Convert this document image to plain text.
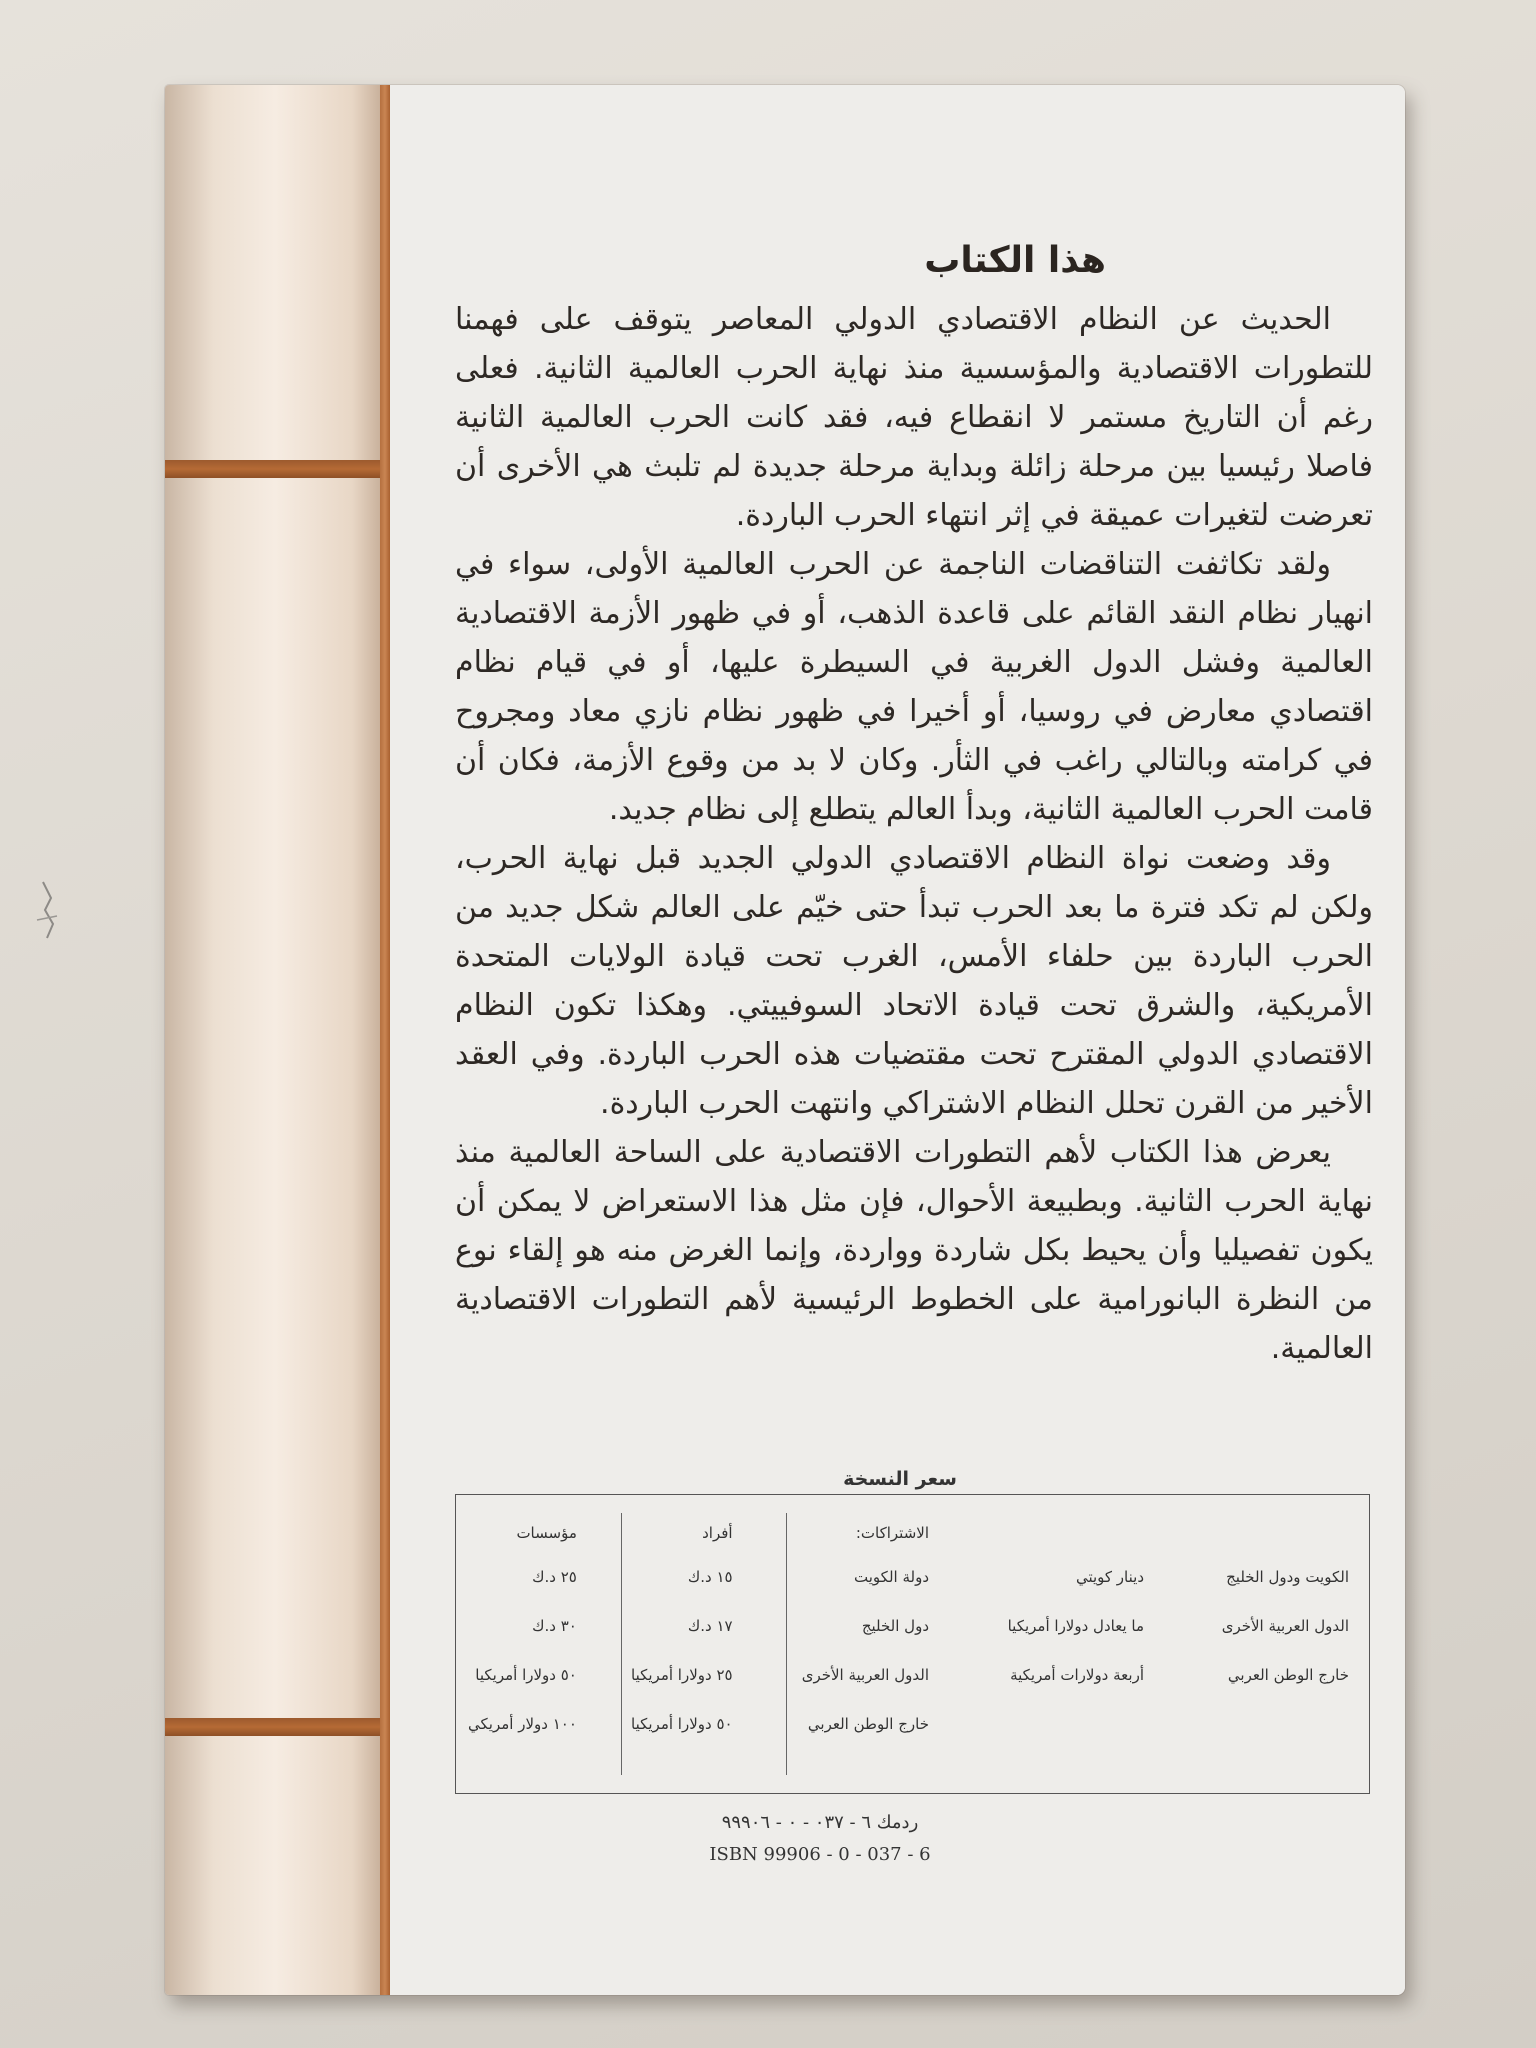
هذا الكتاب

الحديث عن النظام الاقتصادي الدولي المعاصر يتوقف على فهمنا للتطورات الاقتصادية والمؤسسية منذ نهاية الحرب العالمية الثانية. فعلى رغم أن التاريخ مستمر لا انقطاع فيه، فقد كانت الحرب العالمية الثانية فاصلا رئيسيا بين مرحلة زائلة وبداية مرحلة جديدة لم تلبث هي الأخرى أن تعرضت لتغيرات عميقة في إثر انتهاء الحرب الباردة.

ولقد تكاثفت التناقضات الناجمة عن الحرب العالمية الأولى، سواء في انهيار نظام النقد القائم على قاعدة الذهب، أو في ظهور الأزمة الاقتصادية العالمية وفشل الدول الغربية في السيطرة عليها، أو في قيام نظام اقتصادي معارض في روسيا، أو أخيرا في ظهور نظام نازي معاد ومجروح في كرامته وبالتالي راغب في الثأر. وكان لا بد من وقوع الأزمة، فكان أن قامت الحرب العالمية الثانية، وبدأ العالم يتطلع إلى نظام جديد.

وقد وضعت نواة النظام الاقتصادي الدولي الجديد قبل نهاية الحرب، ولكن لم تكد فترة ما بعد الحرب تبدأ حتى خيّم على العالم شكل جديد من الحرب الباردة بين حلفاء الأمس، الغرب تحت قيادة الولايات المتحدة الأمريكية، والشرق تحت قيادة الاتحاد السوفييتي. وهكذا تكون النظام الاقتصادي الدولي المقترح تحت مقتضيات هذه الحرب الباردة. وفي العقد الأخير من القرن تحلل النظام الاشتراكي وانتهت الحرب الباردة.

يعرض هذا الكتاب لأهم التطورات الاقتصادية على الساحة العالمية منذ نهاية الحرب الثانية. وبطبيعة الأحوال، فإن مثل هذا الاستعراض لا يمكن أن يكون تفصيليا وأن يحيط بكل شاردة وواردة، وإنما الغرض منه هو إلقاء نوع من النظرة البانورامية على الخطوط الرئيسية لأهم التطورات الاقتصادية العالمية.

سعر النسخة
الكويت ودول الخليج
الدول العربية الأخرى
خارج الوطن العربي
دينار كويتي
ما يعادل دولارا أمريكيا
أربعة دولارات أمريكية
الاشتراكات:
دولة الكويت
دول الخليج
الدول العربية الأخرى
خارج الوطن العربي
أفراد
١٥ د.ك
١٧ د.ك
٢٥ دولارا أمريكيا
٥٠ دولارا أمريكيا
مؤسسات
٢٥ د.ك
٣٠ د.ك
٥٠ دولارا أمريكيا
١٠٠ دولار أمريكي
ردمك ٦ - ٠٣٧ - ٠ - ٩٩٩٠٦
ISBN 99906 - 0 - 037 - 6
